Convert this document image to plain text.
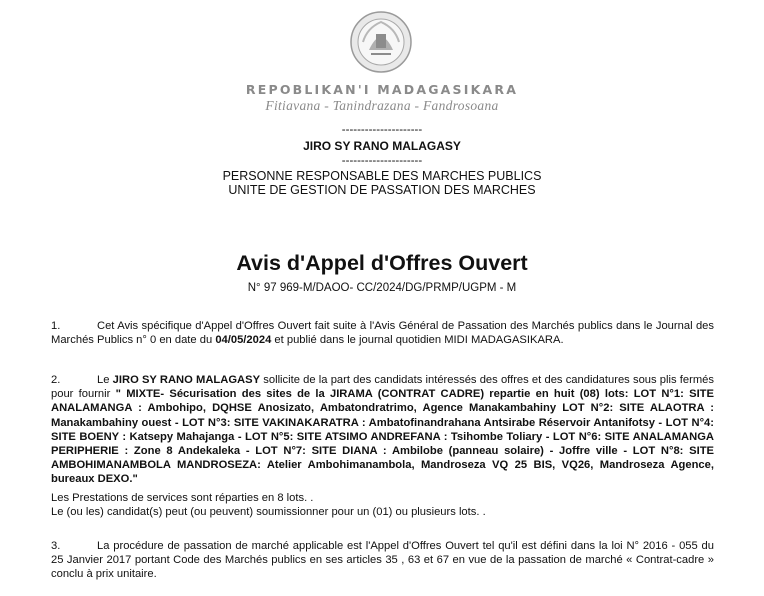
REPOBLIKAN'I MADAGASIKARA
Fitiavana - Tanindrazana - Fandrosoana
---------------------
JIRO SY RANO MALAGASY
---------------------
PERSONNE RESPONSABLE DES MARCHES PUBLICS
UNITE DE GESTION DE PASSATION DES MARCHES
Avis d'Appel d'Offres Ouvert
N° 97 969-M/DAOO- CC/2024/DG/PRMP/UGPM - M
1.	Cet Avis spécifique d'Appel d'Offres Ouvert fait suite à l'Avis Général de Passation des Marchés publics dans le Journal des Marchés Publics n° 0 en date du 04/05/2024 et publié dans le journal quotidien MIDI MADAGASIKARA.
2.	Le JIRO SY RANO MALAGASY sollicite de la part des candidats intéressés des offres et des candidatures sous plis fermés pour fournir " MIXTE- Sécurisation des sites de la JIRAMA (CONTRAT CADRE) repartie en huit (08) lots: LOT N°1: SITE ANALAMANGA : Ambohipo, DQHSE Anosizato, Ambatondratrimo, Agence Manakambahiny LOT N°2: SITE ALAOTRA : Manakambahiny ouest - LOT N°3: SITE VAKINAKARATRA : Ambatofinandrahana Antsirabe Réservoir Antanifotsy - LOT N°4: SITE BOENY : Katsepy Mahajanga - LOT N°5: SITE ATSIMO ANDREFANA : Tsihombe Toliary - LOT N°6: SITE ANALAMANGA PERIPHERIE : Zone 8 Andekaleka - LOT N°7: SITE DIANA : Ambilobe (panneau solaire) - Joffre ville - LOT N°8: SITE AMBOHIMANAMBOLA MANDROSEZA: Atelier Ambohimanambola, Mandroseza VQ 25 BIS, VQ26, Mandroseza Agence, bureaux DEXO."
Les Prestations de services sont réparties en 8 lots. .
Le (ou les) candidat(s) peut (ou peuvent) soumissionner pour un (01) ou plusieurs lots. .
3.	La procédure de passation de marché applicable est l'Appel d'Offres Ouvert tel qu'il est défini dans la loi N° 2016 - 055 du 25 Janvier 2017 portant Code des Marchés publics en ses articles 35 , 63 et 67 en vue de la passation de marché « Contrat-cadre » conclu à prix unitaire.
